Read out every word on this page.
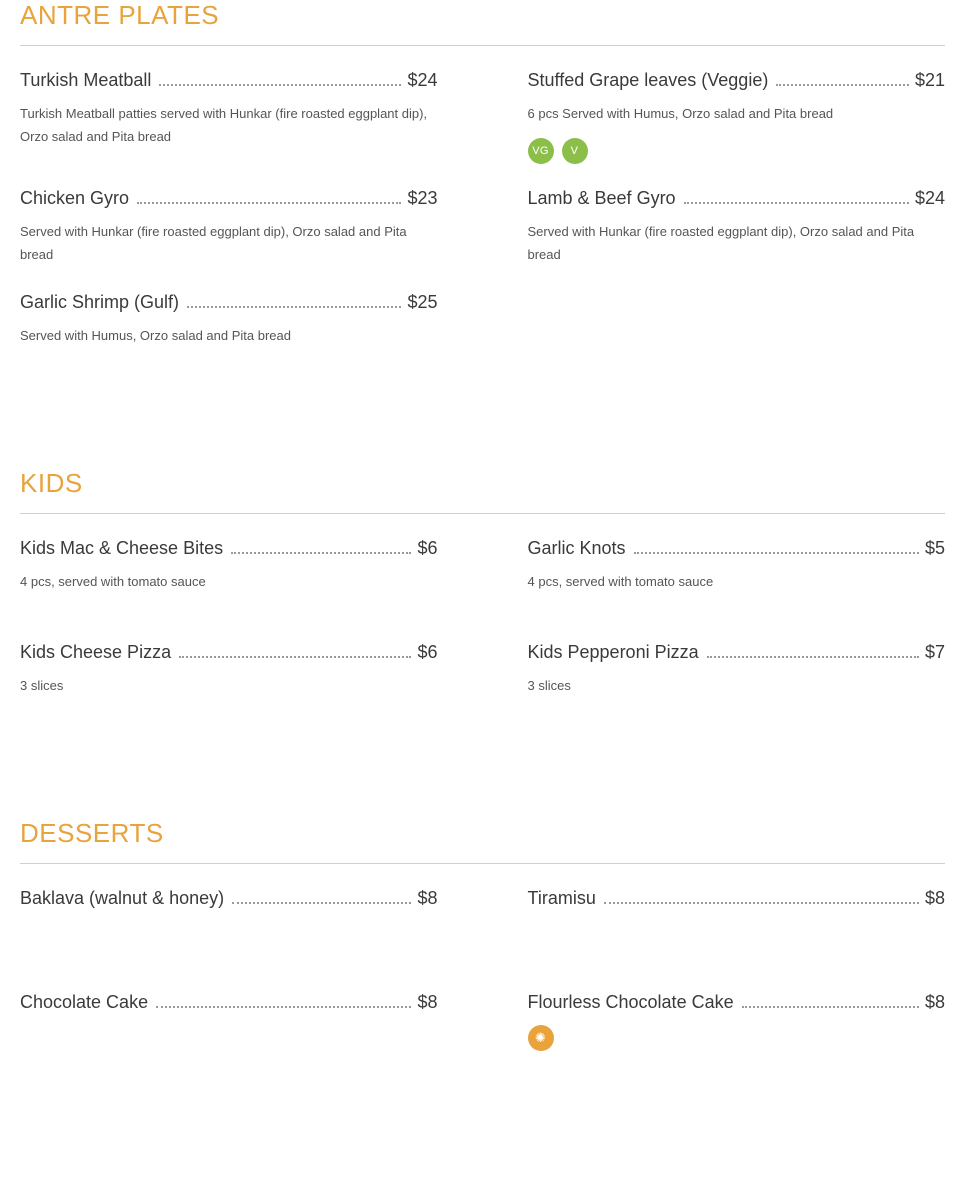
ANTRE PLATES
Turkish Meatball	$24
Turkish Meatball patties served with Hunkar (fire roasted eggplant dip), Orzo salad and Pita bread
Stuffed Grape leaves (Veggie)	$21
6 pcs Served with Humus, Orzo salad and Pita bread
VG	V
Chicken Gyro	$23
Served with Hunkar (fire roasted eggplant dip), Orzo salad and Pita bread
Lamb & Beef Gyro	$24
Served with Hunkar (fire roasted eggplant dip), Orzo salad and Pita bread
Garlic Shrimp (Gulf)	$25
Served with Humus, Orzo salad and Pita bread
KIDS
Kids Mac & Cheese Bites	$6
4 pcs, served with tomato sauce
Garlic Knots	$5
4 pcs, served with tomato sauce
Kids Cheese Pizza	$6
3 slices
Kids Pepperoni Pizza	$7
3 slices
DESSERTS
Baklava (walnut & honey)	$8	Tiramisu	$8
Chocolate Cake	$8	Flourless Chocolate Cake	$8
✺
